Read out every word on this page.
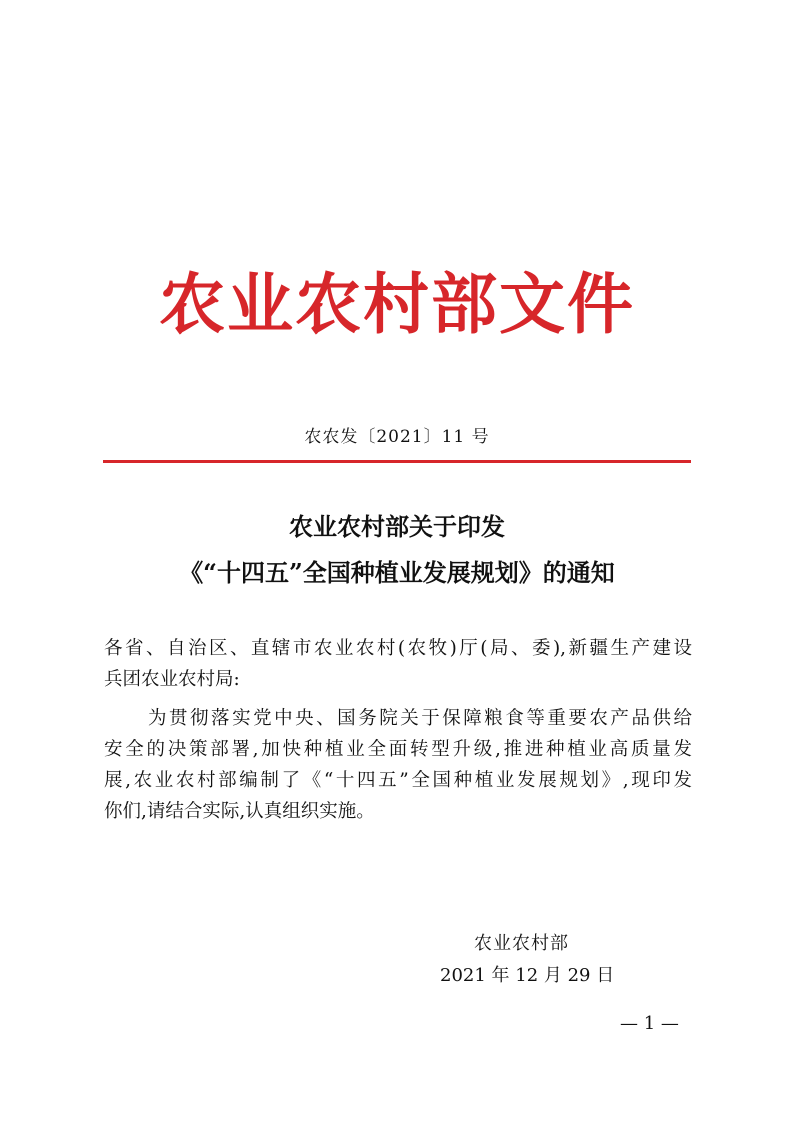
农业农村部文件
农农发〔2021〕11 号
农业农村部关于印发
《“十四五”全国种植业发展规划》的通知
各省、自治区、直辖市农业农村(农牧)厅(局、委),新疆生产建设
兵团农业农村局:
为贯彻落实党中央、国务院关于保障粮食等重要农产品供给
安全的决策部署,加快种植业全面转型升级,推进种植业高质量发
展,农业农村部编制了《“十四五”全国种植业发展规划》,现印发
你们,请结合实际,认真组织实施。
农业农村部
2021 年 12 月 29 日
— 1 —
